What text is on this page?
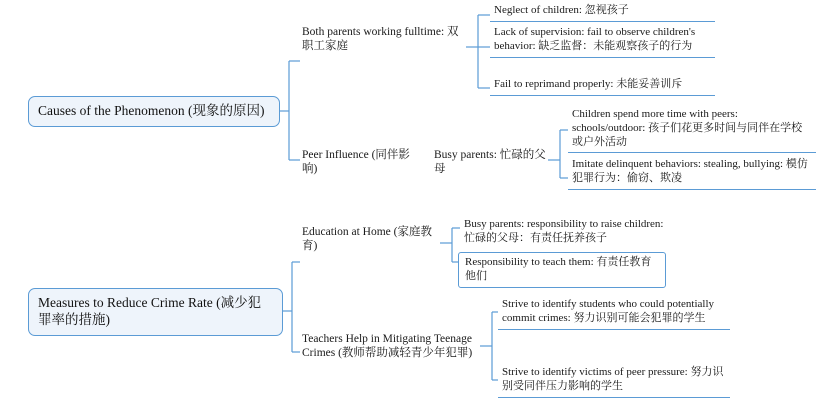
Causes of the Phenomenon (现象的原因)
Measures to Reduce Crime Rate (减少犯罪率的措施)
Both parents working fulltime: 双职工家庭
Peer Influence (同伴影响)
Busy parents: 忙碌的父母
Education at Home (家庭教育)
Teachers Help in Mitigating Teenage Crimes (教师帮助减轻青少年犯罪)
Neglect of children: 忽视孩子
Lack of supervision: fail to observe children's behavior: 缺乏监督：未能观察孩子的行为
Fail to reprimand properly: 未能妥善训斥
Children spend more time with peers: schools/outdoor: 孩子们花更多时间与同伴在学校或户外活动
Imitate delinquent behaviors: stealing, bullying: 模仿犯罪行为：偷窃、欺凌
Busy parents: responsibility to raise children: 忙碌的父母：有责任抚养孩子
Responsibility to teach them: 有责任教育他们
Strive to identify students who could potentially commit crimes: 努力识别可能会犯罪的学生
Strive to identify victims of peer pressure: 努力识别受同伴压力影响的学生
